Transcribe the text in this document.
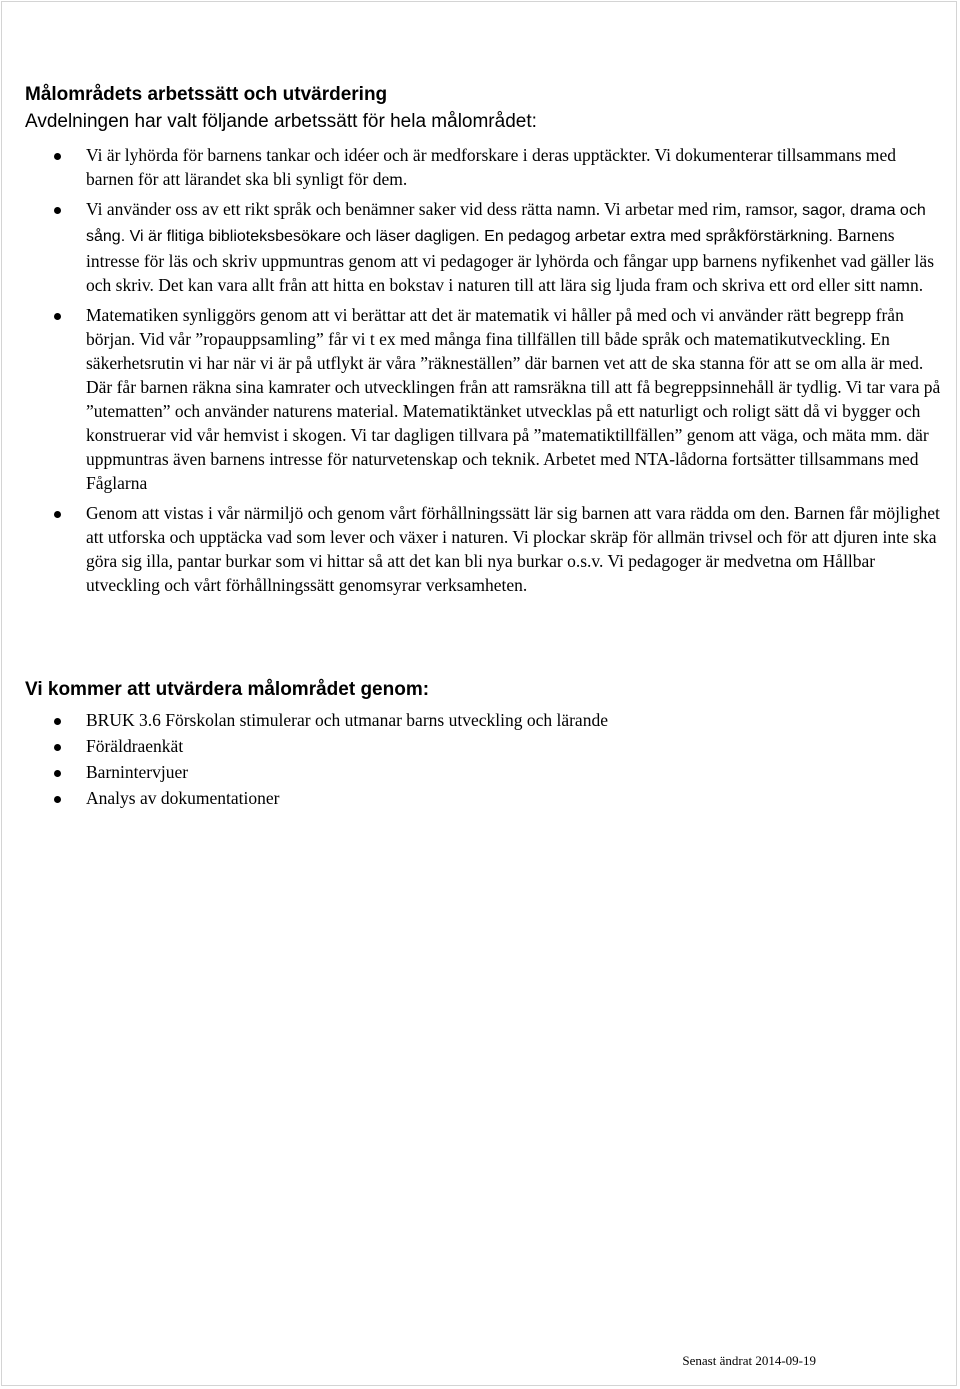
Målområdets arbetssätt och utvärdering

Avdelningen har valt följande arbetssätt för hela målområdet:

Vi är lyhörda för barnens tankar och idéer och är medforskare i deras upptäckter. Vi dokumenterar tillsammans med barnen för att lärandet ska bli synligt för dem.
Vi använder oss av ett rikt språk och benämner saker vid dess rätta namn. Vi arbetar med rim, ramsor, sagor, drama och sång. Vi är flitiga biblioteksbesökare och läser dagligen. En pedagog arbetar extra med språkförstärkning. Barnens intresse för läs och skriv uppmuntras genom att vi pedagoger är lyhörda och fångar upp barnens nyfikenhet vad gäller läs och skriv. Det kan vara allt från att hitta en bokstav i naturen till att lära sig ljuda fram och skriva ett ord eller sitt namn.
Matematiken synliggörs genom att vi berättar att det är matematik vi håller på med och vi använder rätt begrepp från början. Vid vår ”ropauppsamling” får vi t ex med många fina tillfällen till både språk och matematikutveckling. En säkerhetsrutin vi har när vi är på utflykt är våra ”räkneställen” där barnen vet att de ska stanna för att se om alla är med. Där får barnen räkna sina kamrater och utvecklingen från att ramsräkna till att få begreppsinnehåll är tydlig. Vi tar vara på ”utematten” och använder naturens material. Matematiktänket utvecklas på ett naturligt och roligt sätt då vi bygger och konstruerar vid vår hemvist i skogen. Vi tar dagligen tillvara på ”matematiktillfällen” genom att väga, och mäta mm. där uppmuntras även barnens intresse för naturvetenskap och teknik. Arbetet med NTA-lådorna fortsätter tillsammans med Fåglarna
Genom att vistas i vår närmiljö och genom vårt förhållningssätt lär sig barnen att vara rädda om den. Barnen får möjlighet att utforska och upptäcka vad som lever och växer i naturen. Vi plockar skräp för allmän trivsel och för att djuren inte ska göra sig illa, pantar burkar som vi hittar så att det kan bli nya burkar o.s.v. Vi pedagoger är medvetna om Hållbar utveckling och vårt förhållningssätt genomsyrar verksamheten.
Vi kommer att utvärdera målområdet genom:
BRUK 3.6 Förskolan stimulerar och utmanar barns utveckling och lärande
Föräldraenkät
Barnintervjuer
Analys av dokumentationer
Senast ändrat 2014-09-19
